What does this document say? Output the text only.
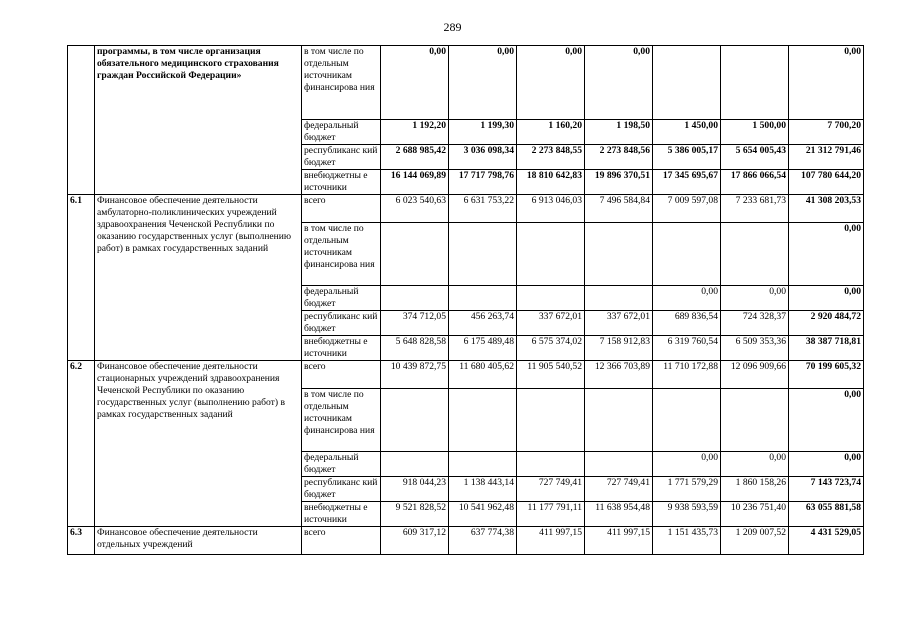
289
	программы, в том числе организация обязательного медицинского страхования граждан Российской Федерации»	в том числе по отдельным источникам финансирова ния	0,00	0,00	0,00	0,00			0,00
		федеральный бюджет	1 192,20	1 199,30	1 160,20	1 198,50	1 450,00	1 500,00	7 700,20
		республиканс кий бюджет	2 688 985,42	3 036 098,34	2 273 848,55	2 273 848,56	5 386 005,17	5 654 005,43	21 312 791,46
		внебюджетны е источники	16 144 069,89	17 717 798,76	18 810 642,83	19 896 370,51	17 345 695,67	17 866 066,54	107 780 644,20
6.1	Финансовое обеспечение деятельности амбулаторно-поликлинических учреждений здравоохранения Чеченской Республики по оказанию государственных услуг (выполнению работ) в рамках государственных заданий	всего	6 023 540,63	6 631 753,22	6 913 046,03	7 496 584,84	7 009 597,08	7 233 681,73	41 308 203,53
		в том числе по отдельным источникам финансирова ния							0,00
		федеральный бюджет					0,00	0,00	0,00
		республиканс кий бюджет	374 712,05	456 263,74	337 672,01	337 672,01	689 836,54	724 328,37	2 920 484,72
		внебюджетны е источники	5 648 828,58	6 175 489,48	6 575 374,02	7 158 912,83	6 319 760,54	6 509 353,36	38 387 718,81
6.2	Финансовое обеспечение деятельности стационарных учреждений здравоохранения Чеченской Республики по оказанию государственных услуг (выполнению работ) в рамках государственных заданий	всего	10 439 872,75	11 680 405,62	11 905 540,52	12 366 703,89	11 710 172,88	12 096 909,66	70 199 605,32
		в том числе по отдельным источникам финансирова ния							0,00
		федеральный бюджет					0,00	0,00	0,00
		республиканс кий бюджет	918 044,23	1 138 443,14	727 749,41	727 749,41	1 771 579,29	1 860 158,26	7 143 723,74
		внебюджетны е источники	9 521 828,52	10 541 962,48	11 177 791,11	11 638 954,48	9 938 593,59	10 236 751,40	63 055 881,58
6.3	Финансовое обеспечение деятельности отдельных учреждений	всего	609 317,12	637 774,38	411 997,15	411 997,15	1 151 435,73	1 209 007,52	4 431 529,05
